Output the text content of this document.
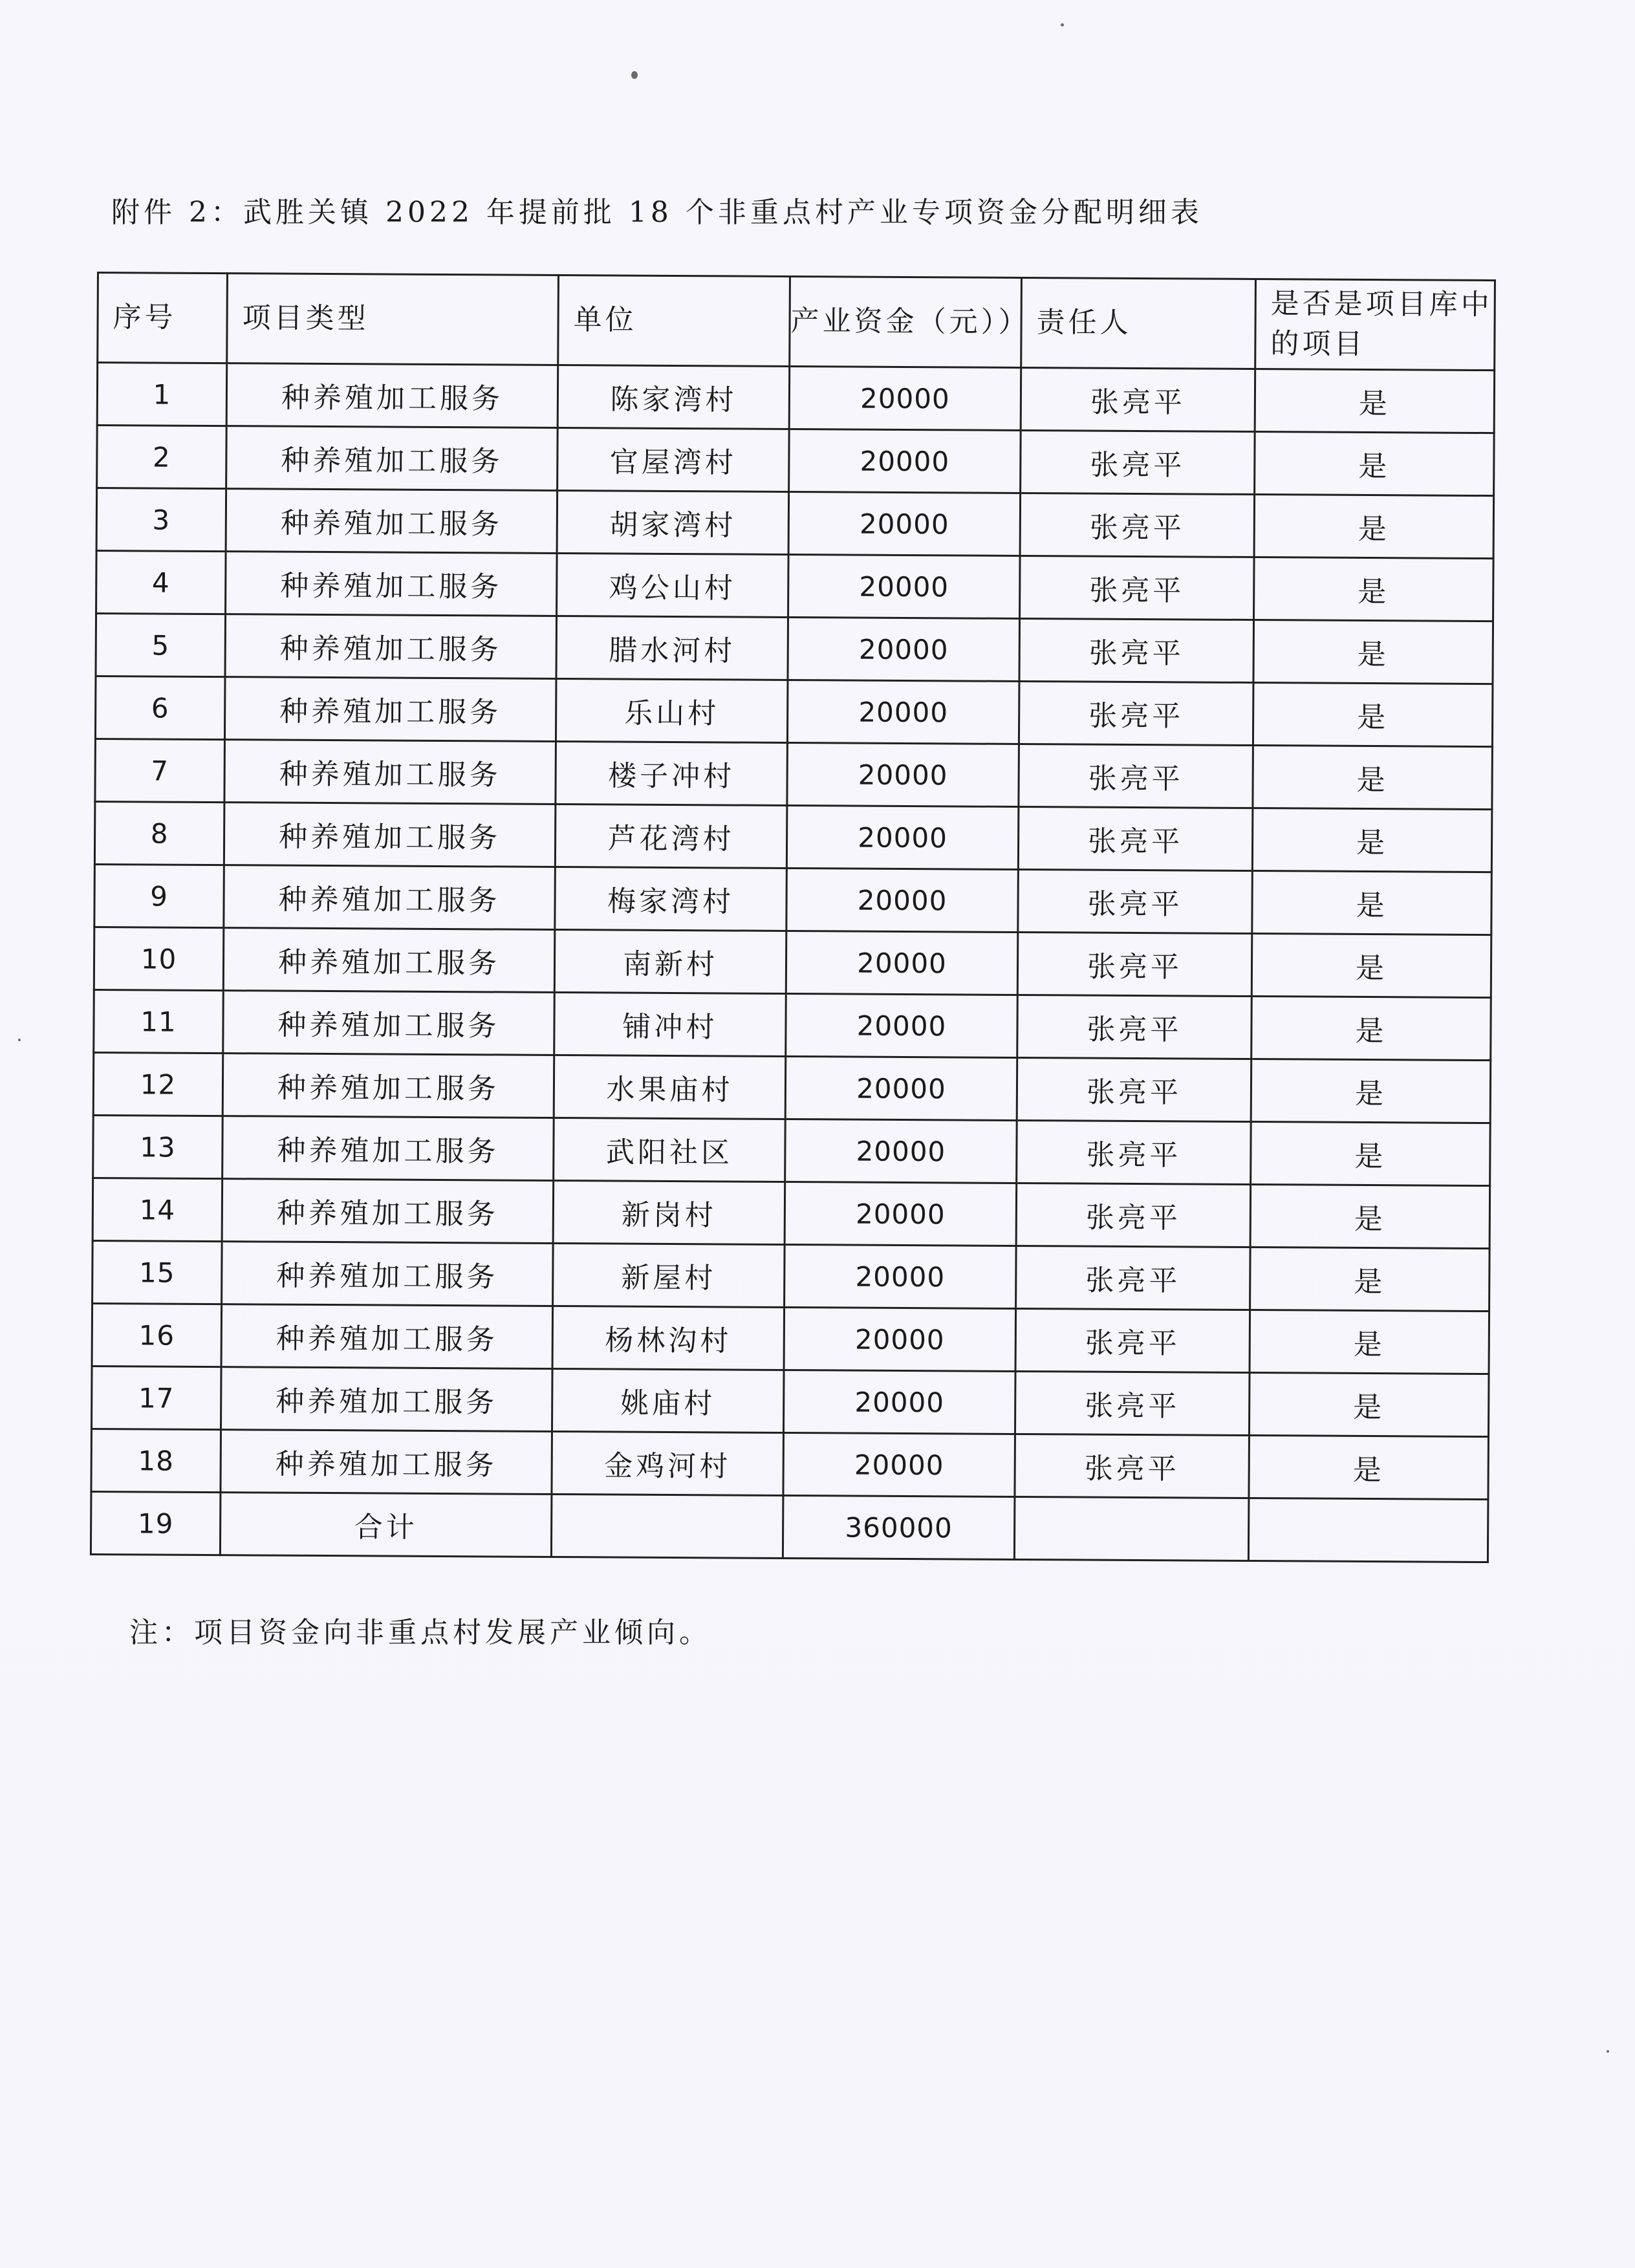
附件 2：武胜关镇 2022 年提前批 18 个非重点村产业专项资金分配明细表
序号	项目类型	单位	产业资金（元））	责任人	是否是项目库中的项目
1	种养殖加工服务	陈家湾村	20000	张亮平	是
2	种养殖加工服务	官屋湾村	20000	张亮平	是
3	种养殖加工服务	胡家湾村	20000	张亮平	是
4	种养殖加工服务	鸡公山村	20000	张亮平	是
5	种养殖加工服务	腊水河村	20000	张亮平	是
6	种养殖加工服务	乐山村	20000	张亮平	是
7	种养殖加工服务	楼子冲村	20000	张亮平	是
8	种养殖加工服务	芦花湾村	20000	张亮平	是
9	种养殖加工服务	梅家湾村	20000	张亮平	是
10	种养殖加工服务	南新村	20000	张亮平	是
11	种养殖加工服务	铺冲村	20000	张亮平	是
12	种养殖加工服务	水果庙村	20000	张亮平	是
13	种养殖加工服务	武阳社区	20000	张亮平	是
14	种养殖加工服务	新岗村	20000	张亮平	是
15	种养殖加工服务	新屋村	20000	张亮平	是
16	种养殖加工服务	杨林沟村	20000	张亮平	是
17	种养殖加工服务	姚庙村	20000	张亮平	是
18	种养殖加工服务	金鸡河村	20000	张亮平	是
19	合计		360000		
注：项目资金向非重点村发展产业倾向。
